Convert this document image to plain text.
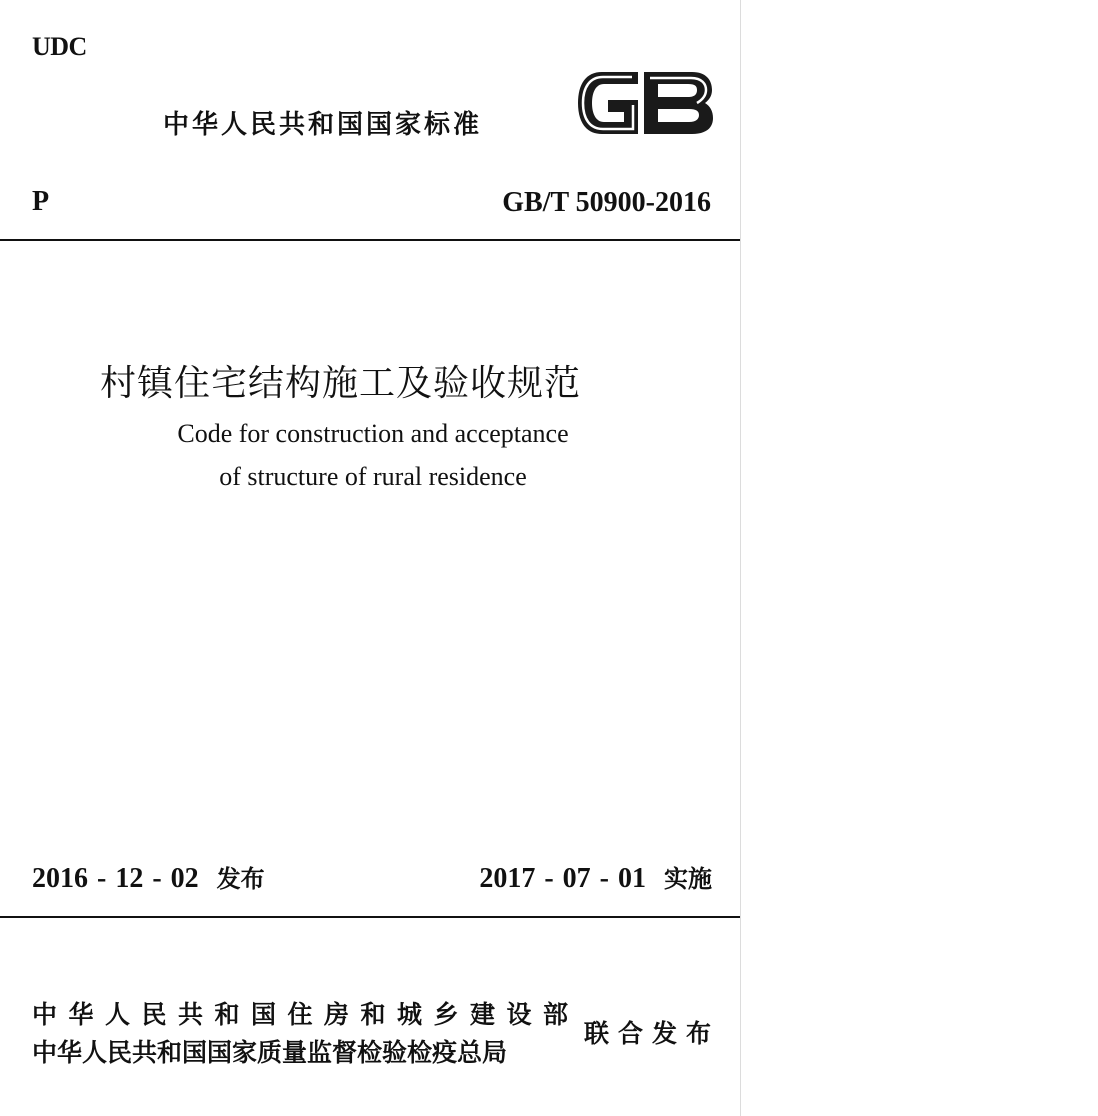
UDC
中华人民共和国国家标准
P	GB/T 50900-2016
村镇住宅结构施工及验收规范
Code for construction and acceptance
of structure of rural residence
2016 - 12 - 02 发布	2017 - 07 - 01 实施
中华人民共和国住房和城乡建设部
中华人民共和国国家质量监督检验检疫总局
联合发布
